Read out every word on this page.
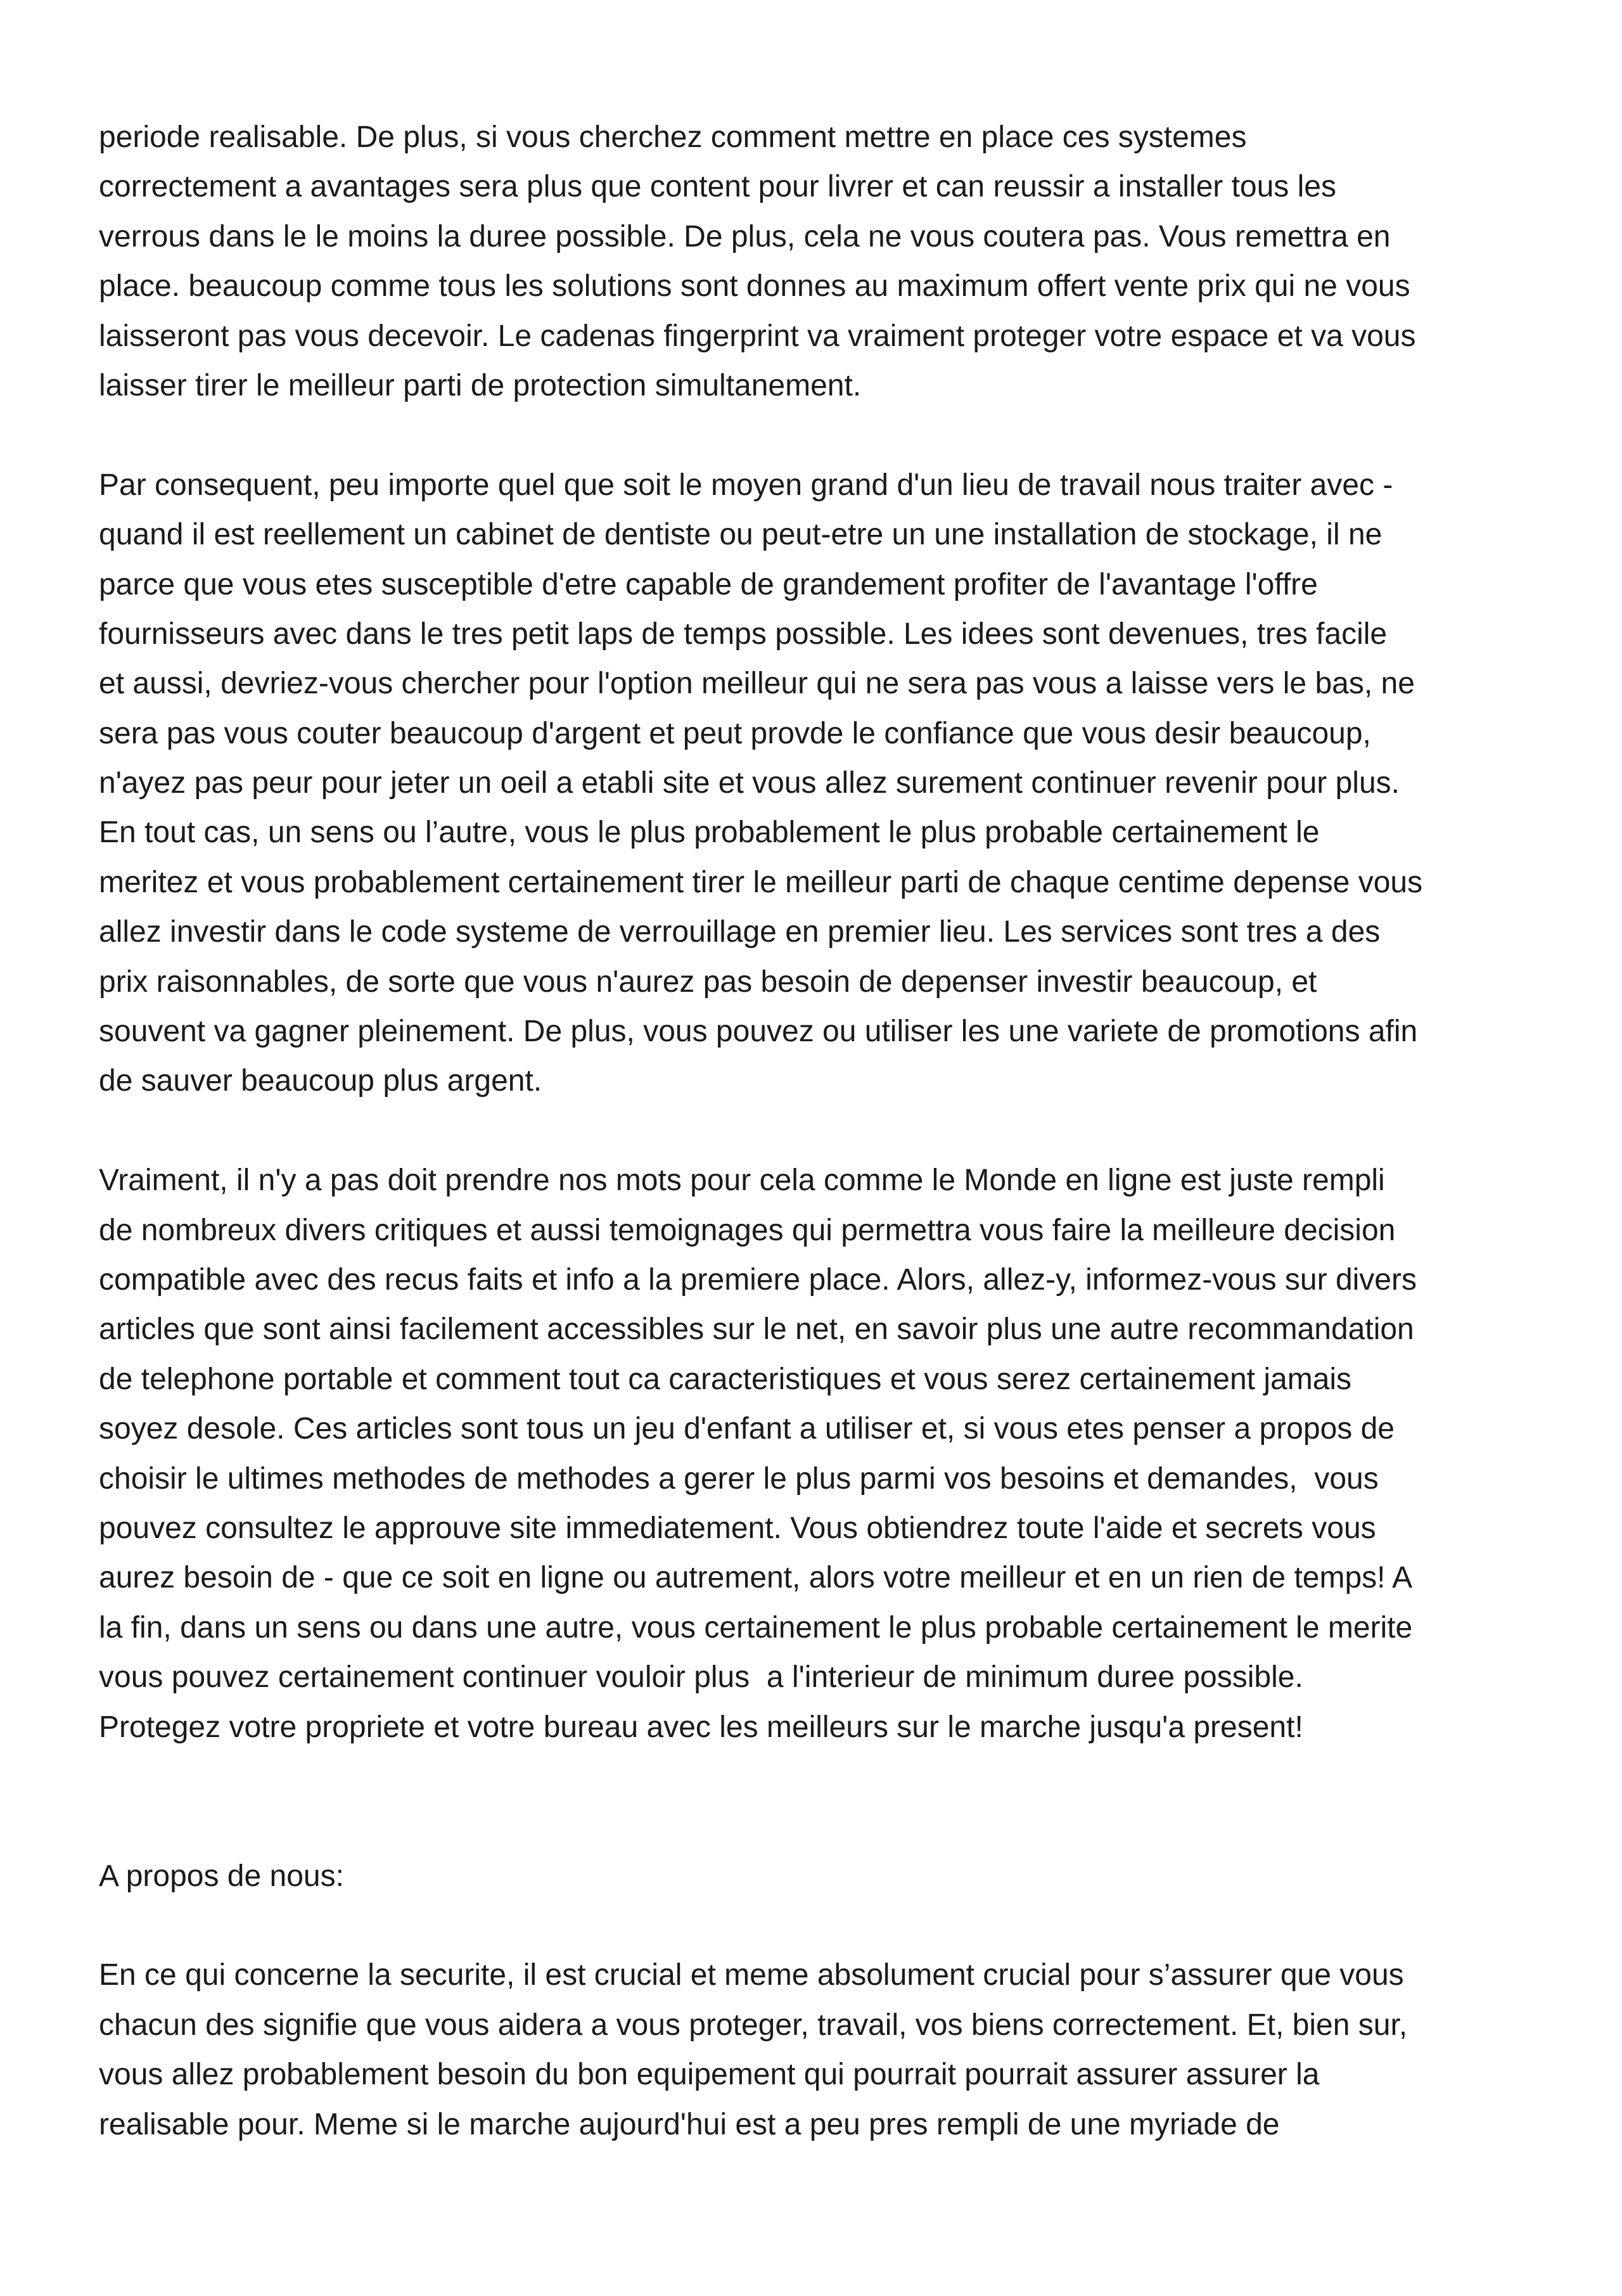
periode realisable. De plus, si vous cherchez comment mettre en place ces systemes
correctement a avantages sera plus que content pour livrer et can reussir a installer tous les
verrous dans le le moins la duree possible. De plus, cela ne vous coutera pas. Vous remettra en
place. beaucoup comme tous les solutions sont donnes au maximum offert vente prix qui ne vous
laisseront pas vous decevoir. Le cadenas fingerprint va vraiment proteger votre espace et va vous
laisser tirer le meilleur parti de protection simultanement.
Par consequent, peu importe quel que soit le moyen grand d'un lieu de travail nous traiter avec -
quand il est reellement un cabinet de dentiste ou peut-etre un une installation de stockage, il ne
parce que vous etes susceptible d'etre capable de grandement profiter de l'avantage l'offre
fournisseurs avec dans le tres petit laps de temps possible. Les idees sont devenues, tres facile
et aussi, devriez-vous chercher pour l'option meilleur qui ne sera pas vous a laisse vers le bas, ne
sera pas vous couter beaucoup d'argent et peut provde le confiance que vous desir beaucoup,
n'ayez pas peur pour jeter un oeil a etabli site et vous allez surement continuer revenir pour plus.
En tout cas, un sens ou l’autre, vous le plus probablement le plus probable certainement le
meritez et vous probablement certainement tirer le meilleur parti de chaque centime depense vous
allez investir dans le code systeme de verrouillage en premier lieu. Les services sont tres a des
prix raisonnables, de sorte que vous n'aurez pas besoin de depenser investir beaucoup, et
souvent va gagner pleinement. De plus, vous pouvez ou utiliser les une variete de promotions afin
de sauver beaucoup plus argent.
Vraiment, il n'y a pas doit prendre nos mots pour cela comme le Monde en ligne est juste rempli
de nombreux divers critiques et aussi temoignages qui permettra vous faire la meilleure decision
compatible avec des recus faits et info a la premiere place. Alors, allez-y, informez-vous sur divers
articles que sont ainsi facilement accessibles sur le net, en savoir plus une autre recommandation
de telephone portable et comment tout ca caracteristiques et vous serez certainement jamais
soyez desole. Ces articles sont tous un jeu d'enfant a utiliser et, si vous etes penser a propos de
choisir le ultimes methodes de methodes a gerer le plus parmi vos besoins et demandes,  vous
pouvez consultez le approuve site immediatement. Vous obtiendrez toute l'aide et secrets vous
aurez besoin de - que ce soit en ligne ou autrement, alors votre meilleur et en un rien de temps! A
la fin, dans un sens ou dans une autre, vous certainement le plus probable certainement le merite
vous pouvez certainement continuer vouloir plus  a l'interieur de minimum duree possible.
Protegez votre propriete et votre bureau avec les meilleurs sur le marche jusqu'a present!
A propos de nous:
En ce qui concerne la securite, il est crucial et meme absolument crucial pour s’assurer que vous
chacun des signifie que vous aidera a vous proteger, travail, vos biens correctement. Et, bien sur,
vous allez probablement besoin du bon equipement qui pourrait pourrait assurer assurer la
realisable pour. Meme si le marche aujourd'hui est a peu pres rempli de une myriade de
